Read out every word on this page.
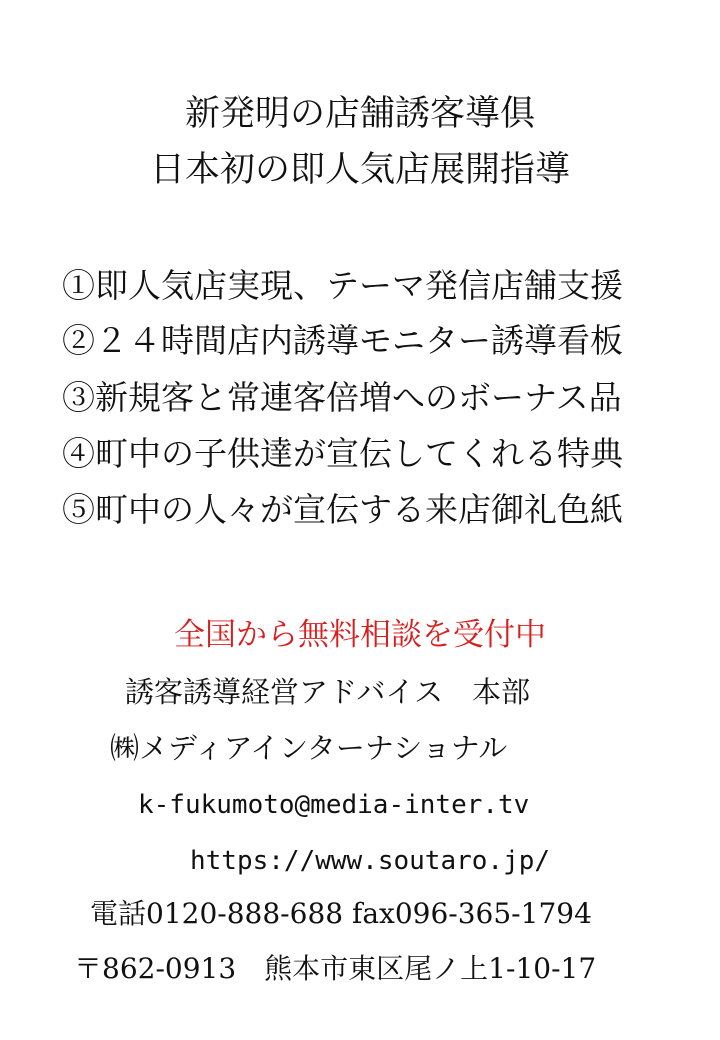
新発明の店舗誘客導俱
日本初の即人気店展開指導
①即人気店実現、テーマ発信店舗支援
②２４時間店内誘導モニター誘導看板
③新規客と常連客倍増へのボーナス品
④町中の子供達が宣伝してくれる特典
⑤町中の人々が宣伝する来店御礼色紙
全国から無料相談を受付中
誘客誘導経営アドバイス　本部
㈱メディアインターナショナル
k-fukumoto@media-inter.tv
https://www.soutaro.jp/
電話0120-888-688 fax096-365-1794
〒862-0913　熊本市東区尾ノ上1-10-17
